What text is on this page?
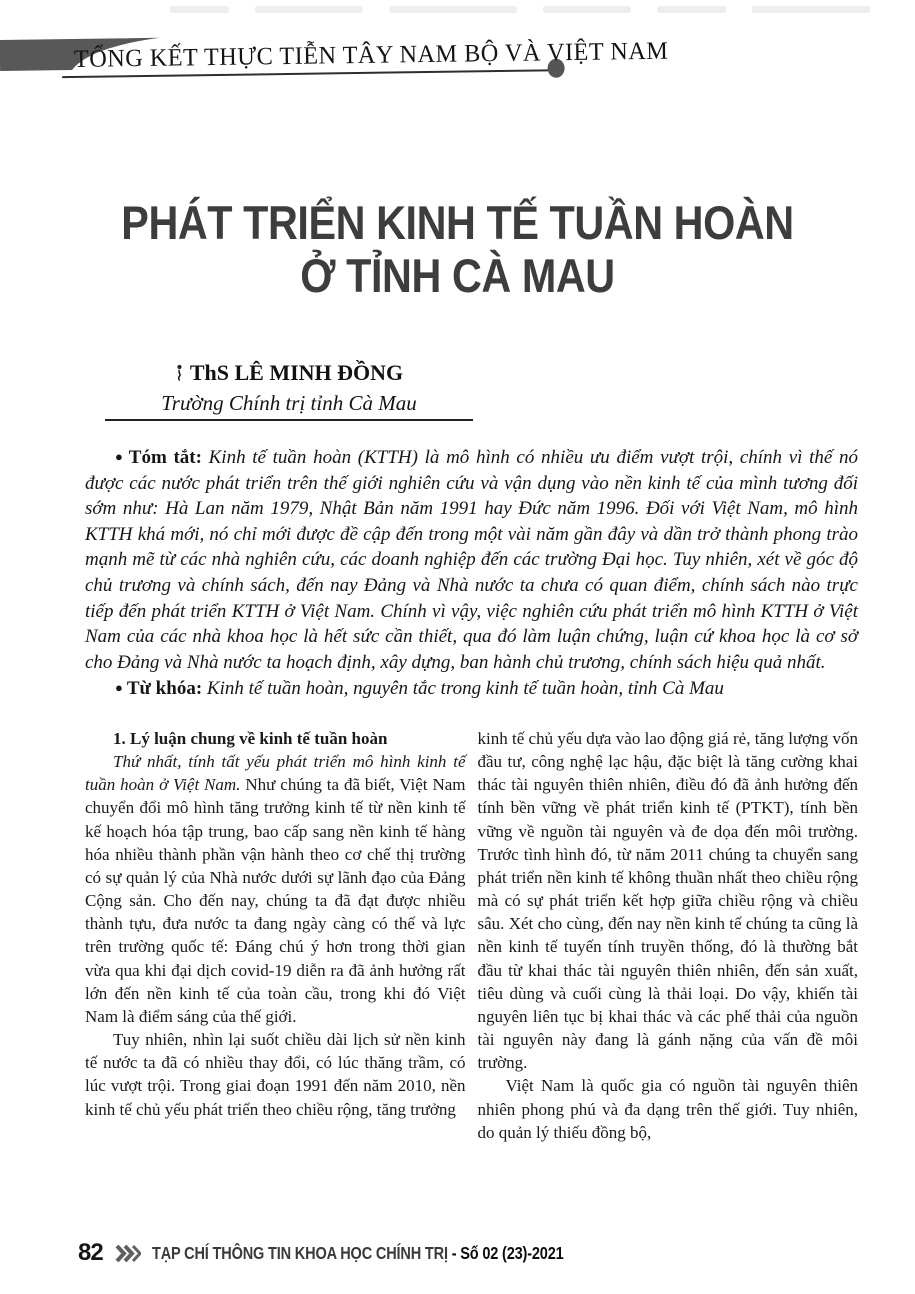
TỔNG KẾT THỰC TIỄN TÂY NAM BỘ VÀ VIỆT NAM
PHÁT TRIỂN KINH TẾ TUẦN HOÀN
Ở TỈNH CÀ MAU
ThS LÊ MINH ĐỒNG
Trường Chính trị tỉnh Cà Mau

● Tóm tắt: Kinh tế tuần hoàn (KTTH) là mô hình có nhiều ưu điểm vượt trội, chính vì thế nó được các nước phát triển trên thế giới nghiên cứu và vận dụng vào nền kinh tế của mình tương đối sớm như: Hà Lan năm 1979, Nhật Bản năm 1991 hay Đức năm 1996. Đối với Việt Nam, mô hình KTTH khá mới, nó chỉ mới được đề cập đến trong một vài năm gần đây và dần trở thành phong trào mạnh mẽ từ các nhà nghiên cứu, các doanh nghiệp đến các trường Đại học. Tuy nhiên, xét về góc độ chủ trương và chính sách, đến nay Đảng và Nhà nước ta chưa có quan điểm, chính sách nào trực tiếp đến phát triển KTTH ở Việt Nam. Chính vì vậy, việc nghiên cứu phát triển mô hình KTTH ở Việt Nam của các nhà khoa học là hết sức cần thiết, qua đó làm luận chứng, luận cứ khoa học là cơ sở cho Đảng và Nhà nước ta hoạch định, xây dựng, ban hành chủ trương, chính sách hiệu quả nhất.

● Từ khóa: Kinh tế tuần hoàn, nguyên tắc trong kinh tế tuần hoàn, tỉnh Cà Mau

1. Lý luận chung về kinh tế tuần hoàn

Thứ nhất, tính tất yếu phát triển mô hình kinh tế tuần hoàn ở Việt Nam. Như chúng ta đã biết, Việt Nam chuyển đổi mô hình tăng trưởng kinh tế từ nền kinh tế kế hoạch hóa tập trung, bao cấp sang nền kinh tế hàng hóa nhiều thành phần vận hành theo cơ chế thị trường có sự quản lý của Nhà nước dưới sự lãnh đạo của Đảng Cộng sản. Cho đến nay, chúng ta đã đạt được nhiều thành tựu, đưa nước ta đang ngày càng có thế và lực trên trường quốc tế: Đáng chú ý hơn trong thời gian vừa qua khi đại dịch covid-19 diễn ra đã ảnh hưởng rất lớn đến nền kinh tế của toàn cầu, trong khi đó Việt Nam là điểm sáng của thế giới.

Tuy nhiên, nhìn lại suốt chiều dài lịch sử nền kinh tế nước ta đã có nhiều thay đổi, có lúc thăng trầm, có lúc vượt trội. Trong giai đoạn 1991 đến năm 2010, nền kinh tế chủ yếu phát triển theo chiều rộng, tăng trưởng

kinh tế chủ yếu dựa vào lao động giá rẻ, tăng lượng vốn đầu tư, công nghệ lạc hậu, đặc biệt là tăng cường khai thác tài nguyên thiên nhiên, điều đó đã ảnh hưởng đến tính bền vững về phát triển kinh tế (PTKT), tính bền vững về nguồn tài nguyên và đe dọa đến môi trường. Trước tình hình đó, từ năm 2011 chúng ta chuyển sang phát triển nền kinh tế không thuần nhất theo chiều rộng mà có sự phát triển kết hợp giữa chiều rộng và chiều sâu. Xét cho cùng, đến nay nền kinh tế chúng ta cũng là nền kinh tế tuyến tính truyền thống, đó là thường bắt đầu từ khai thác tài nguyên thiên nhiên, đến sản xuất, tiêu dùng và cuối cùng là thải loại. Do vậy, khiến tài nguyên liên tục bị khai thác và các phế thải của nguồn tài nguyên này đang là gánh nặng của vấn đề môi trường.

Việt Nam là quốc gia có nguồn tài nguyên thiên nhiên phong phú và đa dạng trên thế giới. Tuy nhiên, do quản lý thiếu đồng bộ,

82	TẠP CHÍ THÔNG TIN KHOA HỌC CHÍNH TRỊ - Số 02 (23)-2021
